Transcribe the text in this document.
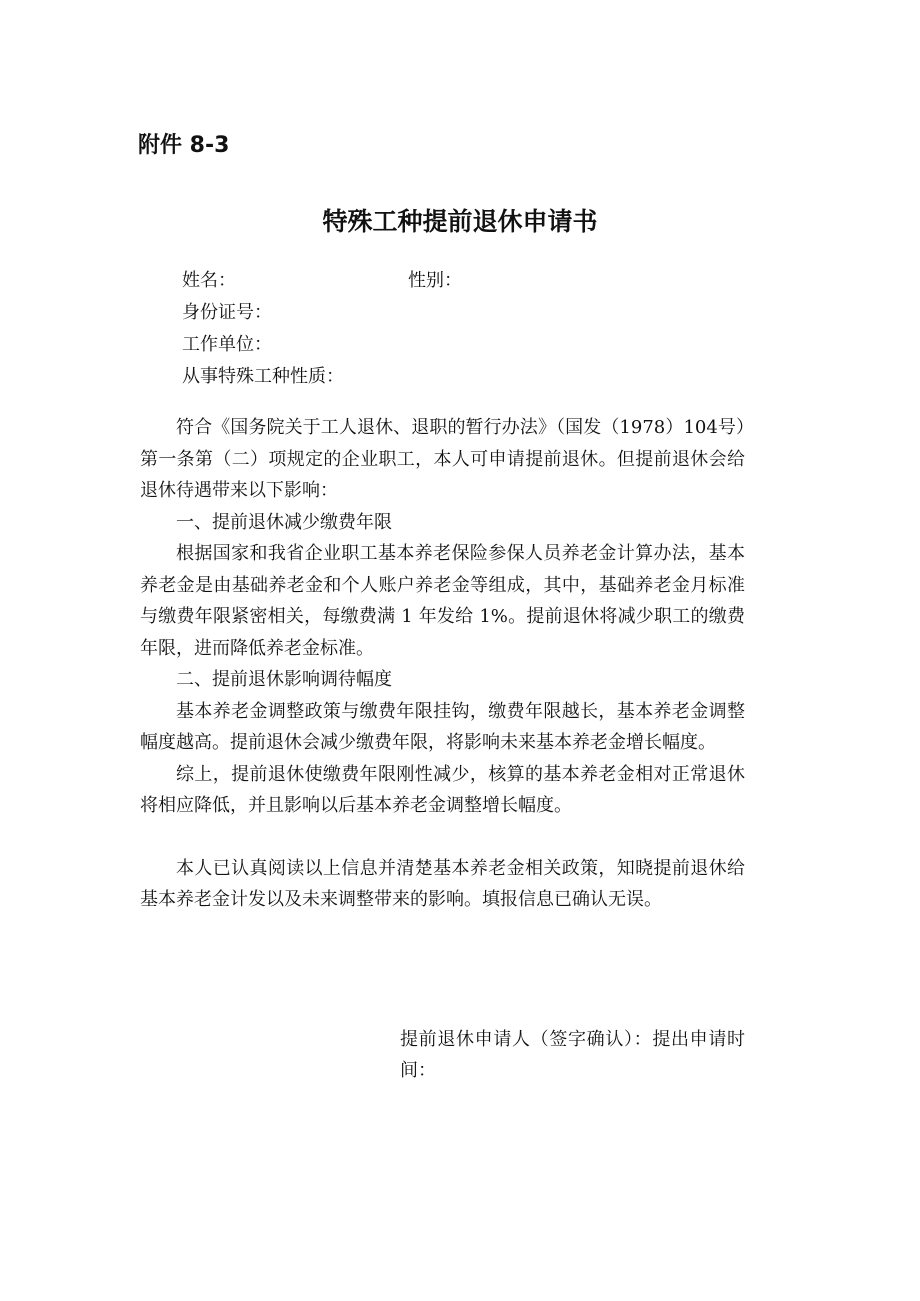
附件 8-3
特殊工种提前退休申请书
姓名：	性别：
身份证号：
工作单位：
从事特殊工种性质：

符合《国务院关于工人退休、退职的暂行办法》（国发（1978）104号）第一条第（二）项规定的企业职工，本人可申请提前退休。但提前退休会给退休待遇带来以下影响：

一、提前退休减少缴费年限

根据国家和我省企业职工基本养老保险参保人员养老金计算办法，基本养老金是由基础养老金和个人账户养老金等组成，其中，基础养老金月标准与缴费年限紧密相关，每缴费满 1 年发给 1%。提前退休将减少职工的缴费年限，进而降低养老金标准。

二、提前退休影响调待幅度

基本养老金调整政策与缴费年限挂钩，缴费年限越长，基本养老金调整幅度越高。提前退休会减少缴费年限，将影响未来基本养老金增长幅度。

综上，提前退休使缴费年限刚性减少，核算的基本养老金相对正常退休将相应降低，并且影响以后基本养老金调整增长幅度。

本人已认真阅读以上信息并清楚基本养老金相关政策，知晓提前退休给基本养老金计发以及未来调整带来的影响。填报信息已确认无误。

提前退休申请人（签字确认）：提出申请时间：
